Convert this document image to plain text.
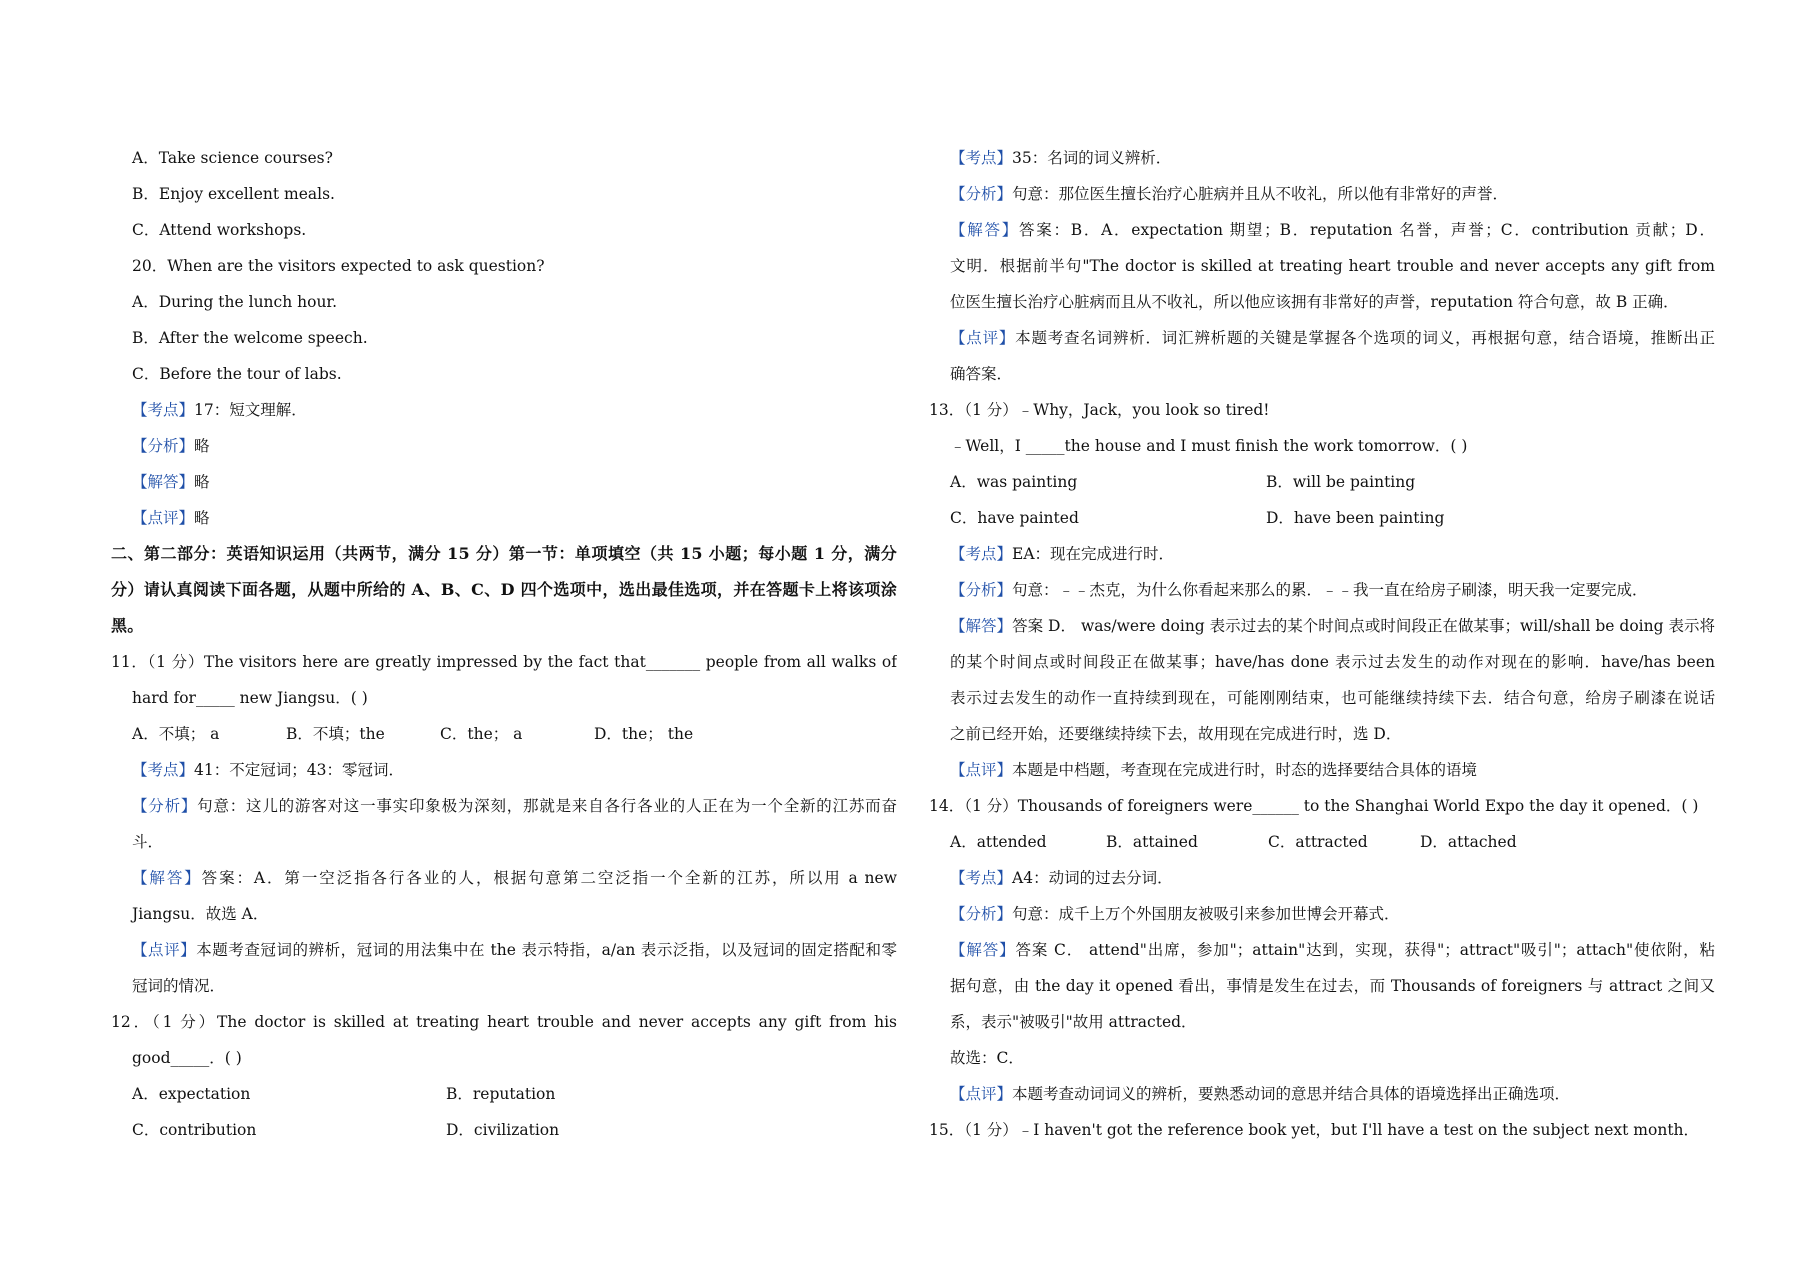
A．Take science courses?
B．Enjoy excellent meals.
C．Attend workshops.
20．When are the visitors expected to ask question?
A．During the lunch hour.
B．After the welcome speech.
C．Before the tour of labs.
【考点】17：短文理解．
【分析】略
【解答】略
【点评】略
二、第二部分：英语知识运用（共两节，满分 15 分）第一节：单项填空（共 15 小题；每小题 1 分，满分
分）请认真阅读下面各题，从题中所给的 A、B、C、D 四个选项中，选出最佳选项，并在答题卡上将该项涂
黑。
11．（1 分）The visitors here are greatly impressed by the fact that_______ people from all walks of
hard for_____ new Jiangsu．( )
A．不填； a	B．不填；the	C．the； a	D．the； the
【考点】41：不定冠词；43：零冠词．
【分析】句意：这儿的游客对这一事实印象极为深刻，那就是来自各行各业的人正在为一个全新的江苏而奋
斗．
【解答】答案：A．第一空泛指各行各业的人，根据句意第二空泛指一个全新的江苏，所以用 a new
Jiangsu．故选 A．
【点评】本题考查冠词的辨析，冠词的用法集中在 the 表示特指，a/an 表示泛指，以及冠词的固定搭配和零
冠词的情况．
12．（1 分）The doctor is skilled at treating heart trouble and never accepts any gift from his
good_____．( )
A．expectation	B．reputation
C．contribution	D．civilization
【考点】35：名词的词义辨析．
【分析】句意：那位医生擅长治疗心脏病并且从不收礼，所以他有非常好的声誉．
【解答】答案：B．A．expectation 期望；B．reputation 名誉，声誉；C．contribution 贡献；D．
文明．根据前半句"The doctor is skilled at treating heart trouble and never accepts any gift from
位医生擅长治疗心脏病而且从不收礼，所以他应该拥有非常好的声誉，reputation 符合句意，故 B 正确．
【点评】本题考查名词辨析．词汇辨析题的关键是掌握各个选项的词义，再根据句意，结合语境，推断出正
确答案．
13．（1 分）﹣Why，Jack，you look so tired!
﹣Well，I _____the house and I must finish the work tomorrow．( )
A．was painting	B．will be painting
C．have painted	D．have been painting
【考点】EA：现在完成进行时．
【分析】句意：﹣﹣杰克，为什么你看起来那么的累．﹣﹣我一直在给房子刷漆，明天我一定要完成．
【解答】答案 D． was/were doing 表示过去的某个时间点或时间段正在做某事；will/shall be doing 表示将
的某个时间点或时间段正在做某事；have/has done 表示过去发生的动作对现在的影响．have/has been
表示过去发生的动作一直持续到现在，可能刚刚结束，也可能继续持续下去．结合句意，给房子刷漆在说话
之前已经开始，还要继续持续下去，故用现在完成进行时，选 D．
【点评】本题是中档题，考查现在完成进行时，时态的选择要结合具体的语境
14．（1 分）Thousands of foreigners were______ to the Shanghai World Expo the day it opened．( )
A．attended	B．attained	C．attracted	D．attached
【考点】A4：动词的过去分词．
【分析】句意：成千上万个外国朋友被吸引来参加世博会开幕式．
【解答】答案 C． attend"出席，参加"；attain"达到，实现，获得"；attract"吸引"；attach"使依附，粘
据句意，由 the day it opened 看出，事情是发生在过去，而 Thousands of foreigners 与 attract 之间又
系，表示"被吸引"故用 attracted．
故选：C．
【点评】本题考查动词词义的辨析，要熟悉动词的意思并结合具体的语境选择出正确选项．
15．（1 分）﹣I haven't got the reference book yet，but I'll have a test on the subject next month．
